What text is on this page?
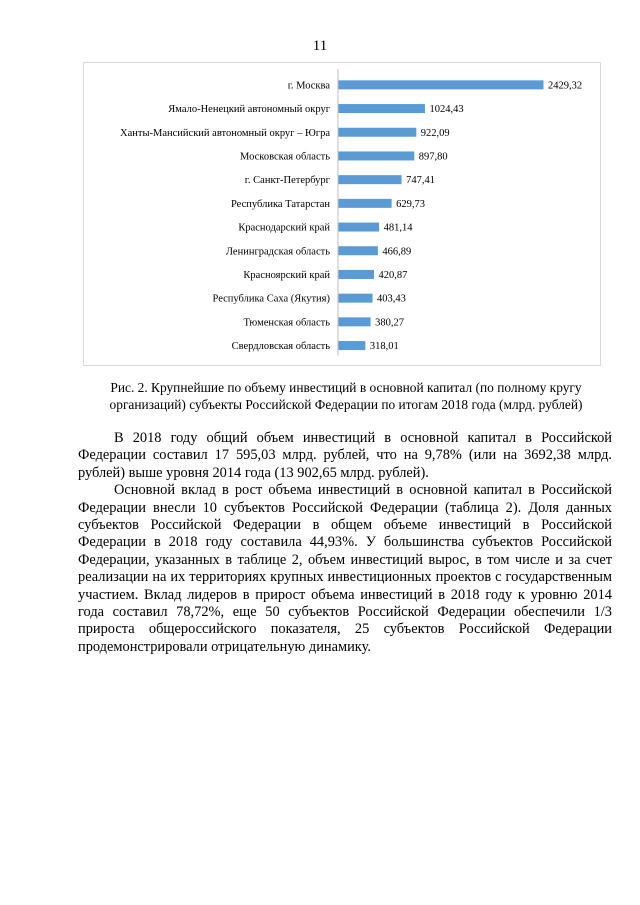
11
г. Москва	2429,32
Ямало-Ненецкий автономный округ	1024,43
Ханты-Мансийский автономный округ – Югра	922,09
Московская область	897,80
г. Санкт-Петербург	747,41
Республика Татарстан	629,73
Краснодарский край	481,14
Ленинградская область	466,89
Красноярский край	420,87
Республика Саха (Якутия)	403,43
Тюменская область	380,27
Свердловская область	318,01
Рис. 2. Крупнейшие по объему инвестиций в основной капитал (по полному кругу
организаций) субъекты Российской Федерации по итогам 2018 года (млрд. рублей)

В 2018 году общий объем инвестиций в основной капитал в Российской Федерации составил 17 595,03 млрд. рублей, что на 9,78% (или на 3692,38 млрд. рублей) выше уровня 2014 года (13 902,65 млрд. рублей).

Основной вклад в рост объема инвестиций в основной капитал в Российской Федерации внесли 10 субъектов Российской Федерации (таблица 2). Доля данных субъектов Российской Федерации в общем объеме инвестиций в Российской Федерации в 2018 году составила 44,93%. У большинства субъектов Российской Федерации, указанных в таблице 2, объем инвестиций вырос, в том числе и за счет реализации на их территориях крупных инвестиционных проектов с государственным участием. Вклад лидеров в прирост объема инвестиций в 2018 году к уровню 2014 года составил 78,72%, еще 50 субъектов Российской Федерации обеспечили 1/3 прироста общероссийского показателя, 25 субъектов Российской Федерации продемонстрировали отрицательную динамику.
